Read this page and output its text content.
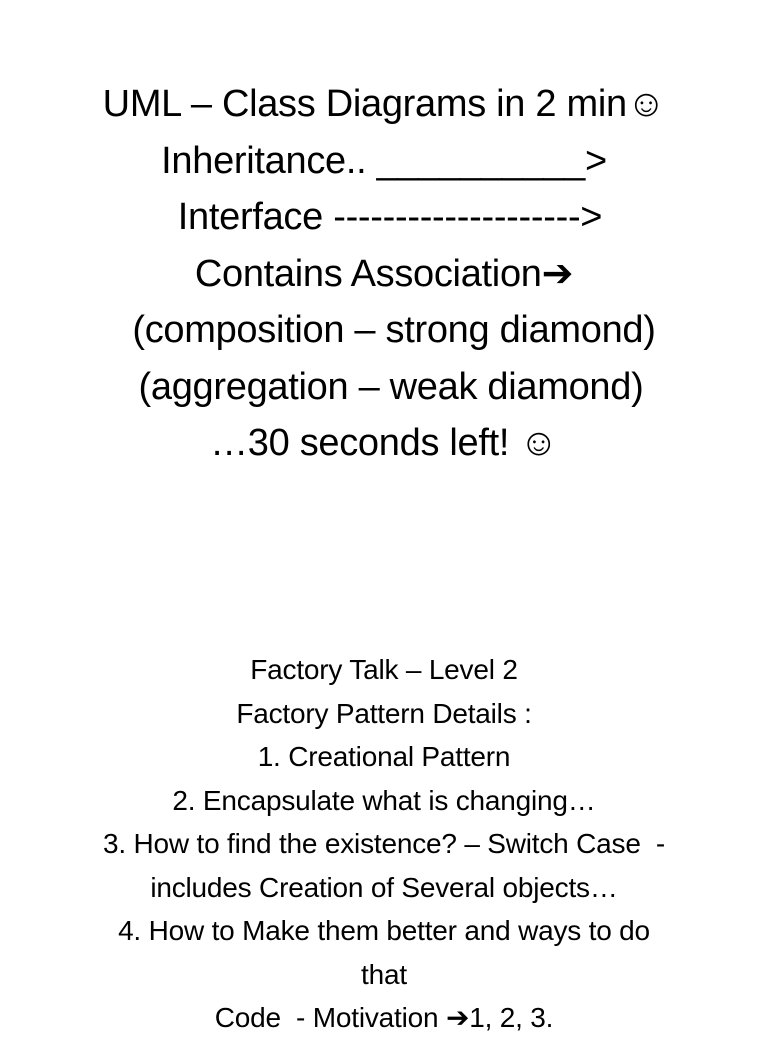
UML – Class Diagrams in 2 min☺
Inheritance.. __________>
Interface -------------------->
Contains Association➔
(composition – strong diamond)
(aggregation – weak diamond)
…30 seconds left! ☺
Factory Talk – Level 2
Factory Pattern Details :
1. Creational Pattern
2. Encapsulate what is changing…
3. How to find the existence? – Switch Case  -
includes Creation of Several objects…
4. How to Make them better and ways to do
that
Code  - Motivation ➔1, 2, 3.
